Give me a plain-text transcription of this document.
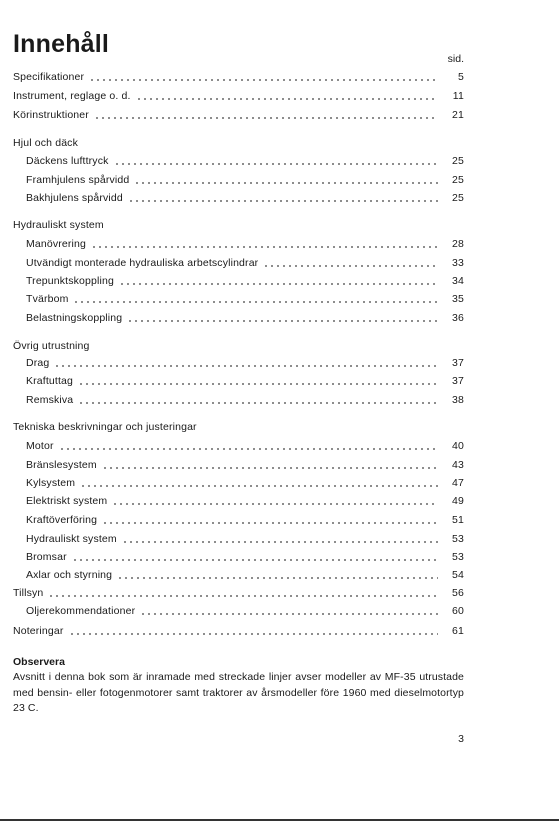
Innehåll
sid.
Specifikationer	5
Instrument, reglage o. d.	11
Körinstruktioner	21
Hjul och däck
Däckens lufttryck	25
Framhjulens spårvidd	25
Bakhjulens spårvidd	25
Hydrauliskt system
Manövrering	28
Utvändigt monterade hydrauliska arbetscylindrar	33
Trepunktskoppling	34
Tvärbom	35
Belastningskoppling	36
Övrig utrustning
Drag	37
Kraftuttag	37
Remskiva	38
Tekniska beskrivningar och justeringar
Motor	40
Bränslesystem	43
Kylsystem	47
Elektriskt system	49
Kraftöverföring	51
Hydrauliskt system	53
Bromsar	53
Axlar och styrning	54
Tillsyn	56
Oljerekommendationer	60
Noteringar	61
Observera
Avsnitt i denna bok som är inramade med streckade linjer avser modeller av MF-35 utrustade med bensin- eller fotogenmotorer samt traktorer av årsmodeller före 1960 med dieselmotortyp 23 C.
3
